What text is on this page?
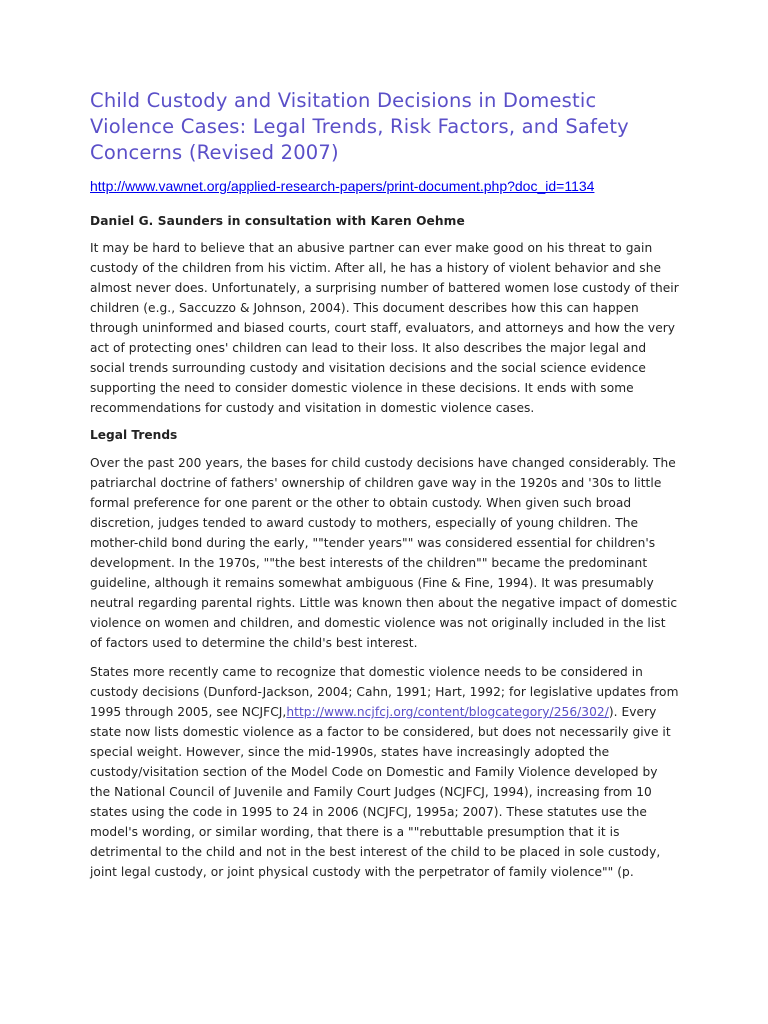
Child Custody and Visitation Decisions in Domestic Violence Cases: Legal Trends, Risk Factors, and Safety Concerns (Revised 2007)
http://www.vawnet.org/applied-research-papers/print-document.php?doc_id=1134
Daniel G. Saunders in consultation with Karen Oehme

It may be hard to believe that an abusive partner can ever make good on his threat to gain custody of the children from his victim. After all, he has a history of violent behavior and she almost never does. Unfortunately, a surprising number of battered women lose custody of their children (e.g., Saccuzzo & Johnson, 2004). This document describes how this can happen through uninformed and biased courts, court staff, evaluators, and attorneys and how the very act of protecting ones' children can lead to their loss. It also describes the major legal and social trends surrounding custody and visitation decisions and the social science evidence supporting the need to consider domestic violence in these decisions. It ends with some recommendations for custody and visitation in domestic violence cases.

Legal Trends

Over the past 200 years, the bases for child custody decisions have changed considerably. The patriarchal doctrine of fathers' ownership of children gave way in the 1920s and '30s to little formal preference for one parent or the other to obtain custody. When given such broad discretion, judges tended to award custody to mothers, especially of young children. The mother-child bond during the early, ""tender years"" was considered essential for children's development. In the 1970s, ""the best interests of the children"" became the predominant guideline, although it remains somewhat ambiguous (Fine & Fine, 1994). It was presumably neutral regarding parental rights. Little was known then about the negative impact of domestic violence on women and children, and domestic violence was not originally included in the list of factors used to determine the child's best interest.

States more recently came to recognize that domestic violence needs to be considered in custody decisions (Dunford-Jackson, 2004; Cahn, 1991; Hart, 1992; for legislative updates from 1995 through 2005, see NCJFCJ,http://www.ncjfcj.org/content/blogcategory/256/302/). Every state now lists domestic violence as a factor to be considered, but does not necessarily give it special weight. However, since the mid-1990s, states have increasingly adopted the custody/visitation section of the Model Code on Domestic and Family Violence developed by the National Council of Juvenile and Family Court Judges (NCJFCJ, 1994), increasing from 10 states using the code in 1995 to 24 in 2006 (NCJFCJ, 1995a; 2007). These statutes use the model's wording, or similar wording, that there is a ""rebuttable presumption that it is detrimental to the child and not in the best interest of the child to be placed in sole custody, joint legal custody, or joint physical custody with the perpetrator of family violence"" (p.
